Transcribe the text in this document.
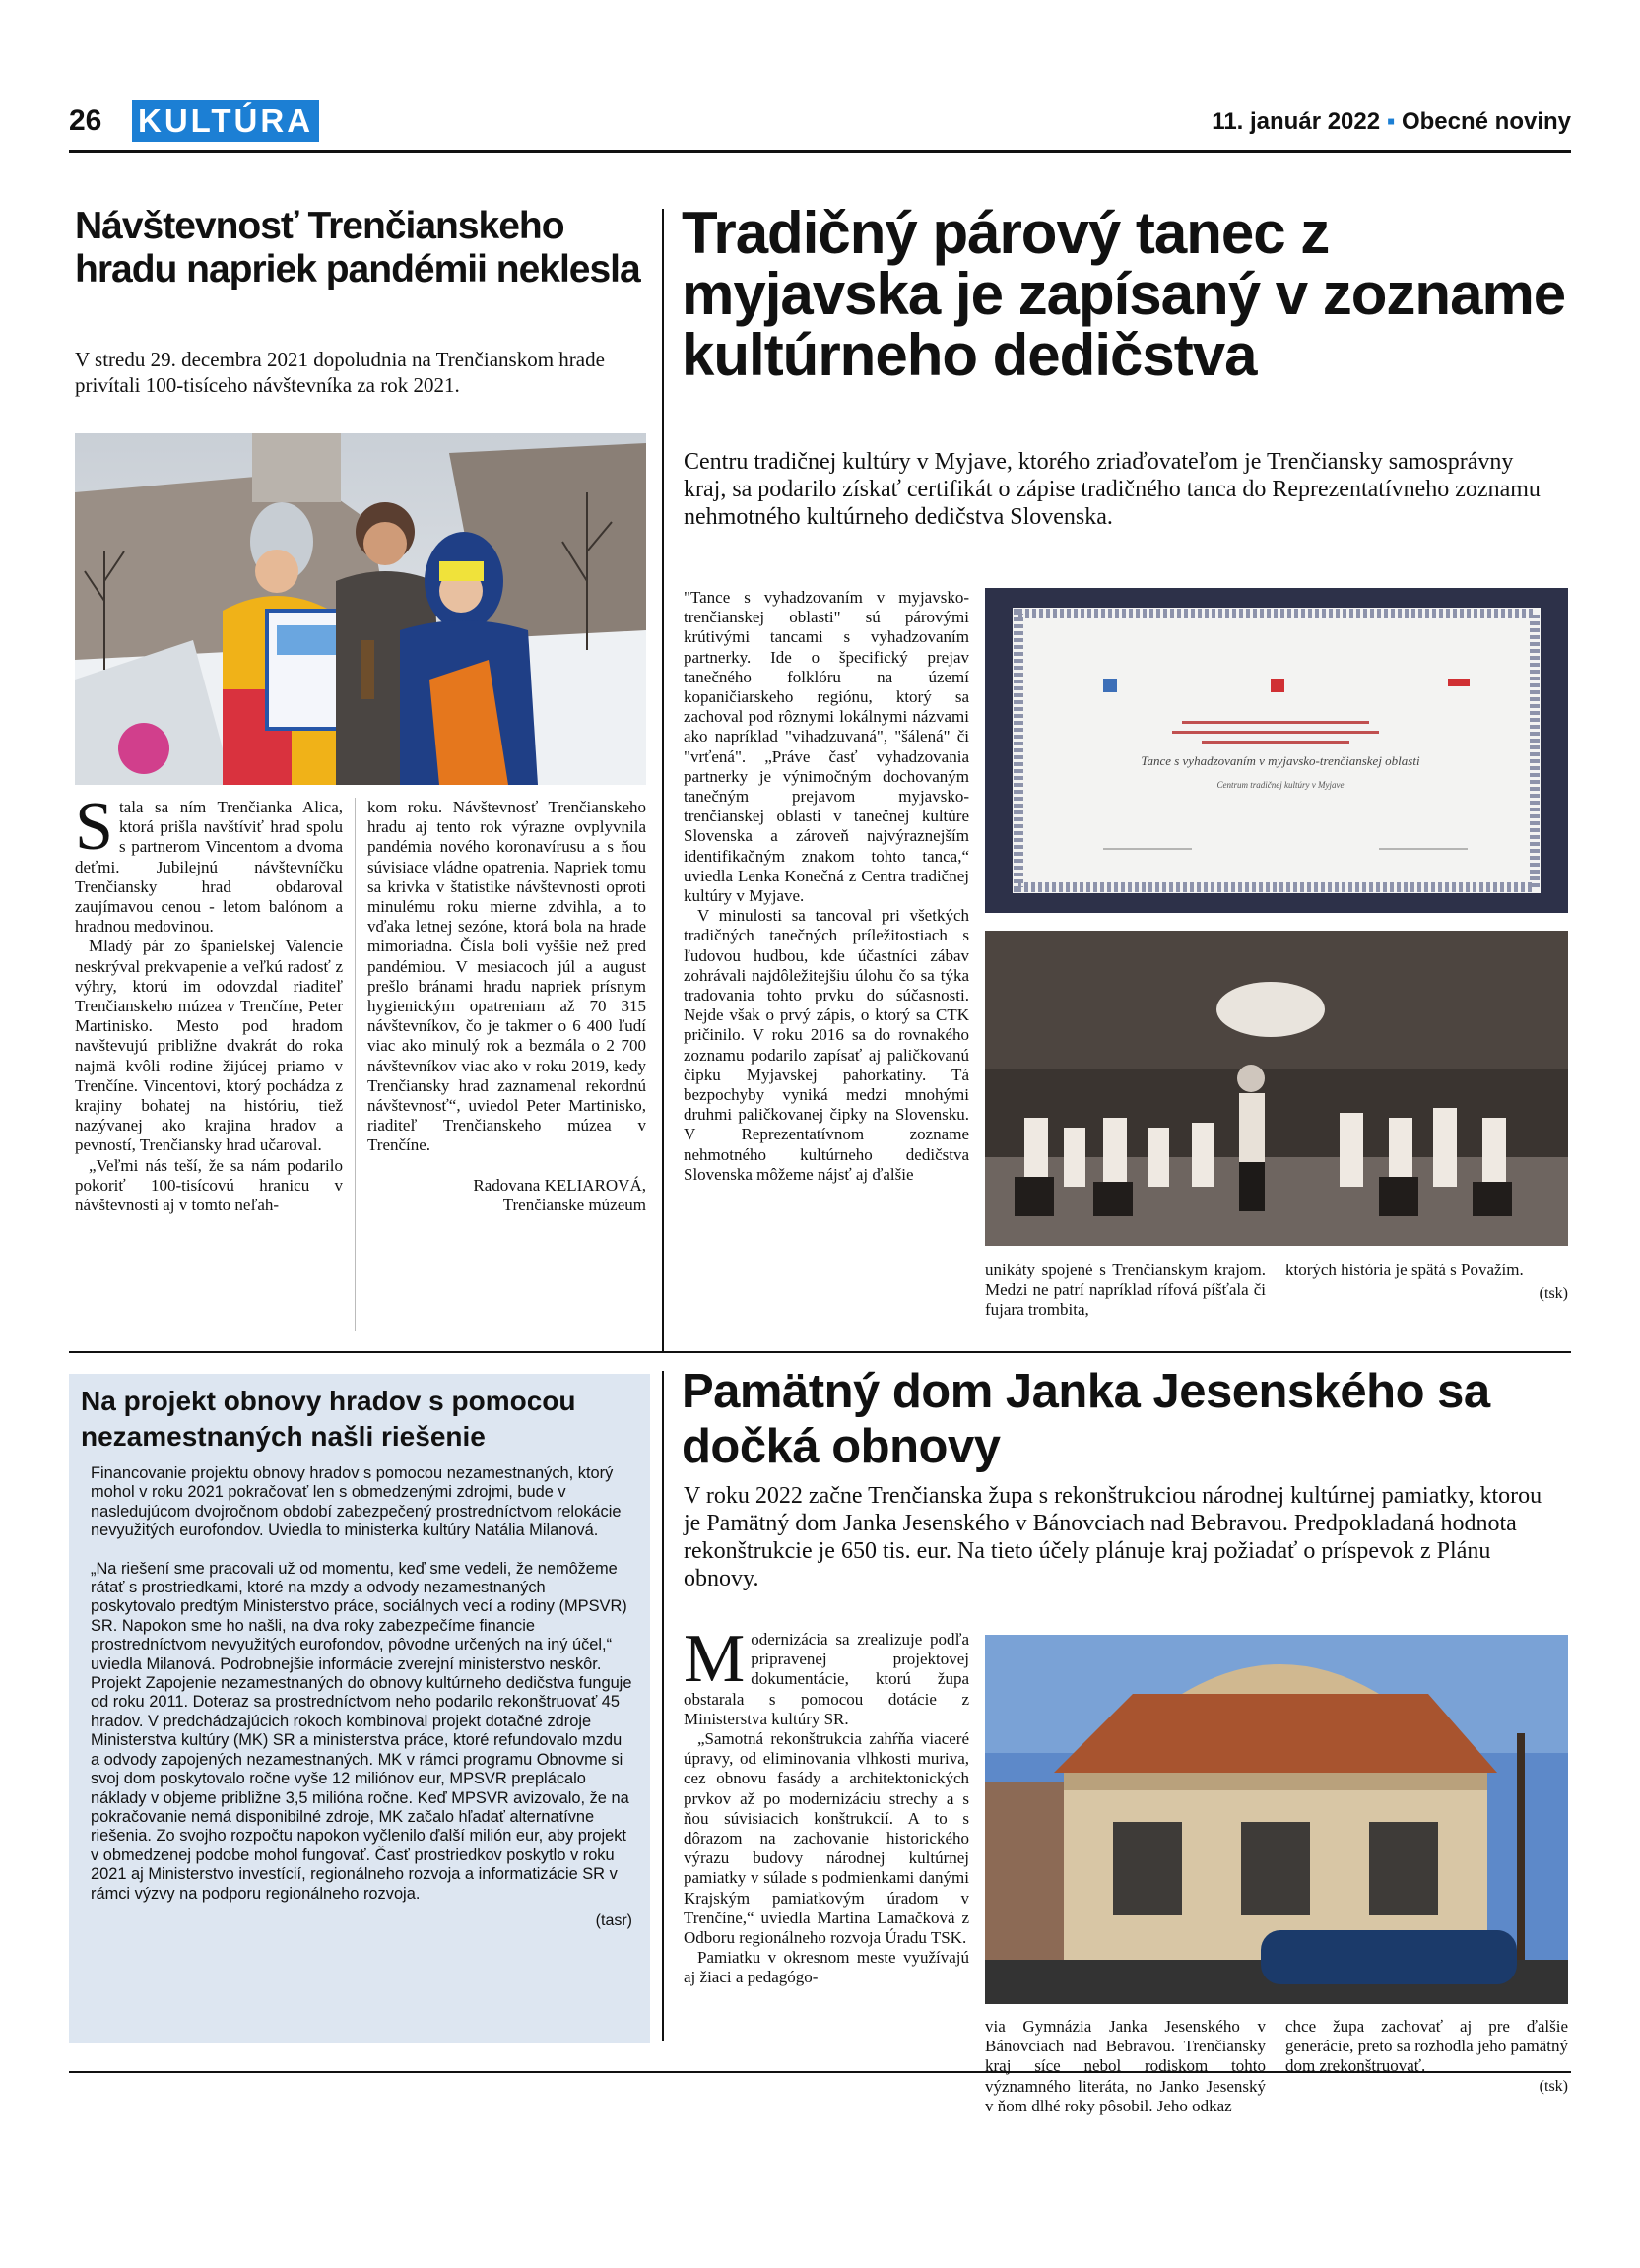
26 KULTÚRA	11. január 2022 ▪ Obecné noviny
Návštevnosť Trenčianskeho hradu napriek pandémii neklesla
V stredu 29. decembra 2021 dopoludnia na Trenčianskom hrade privítali 100-tisíceho návštevníka za rok 2021.

Stala sa ním Trenčianka Alica, ktorá prišla navštíviť hrad spolu s partnerom Vincentom a dvoma deťmi. Jubilejnú návštevníčku Trenčiansky hrad obdaroval zaujímavou cenou - letom balónom a hradnou medovinou.

Mladý pár zo španielskej Valencie neskrýval prekvapenie a veľkú radosť z výhry, ktorú im odovzdal riaditeľ Trenčianskeho múzea v Trenčíne, Peter Martinisko. Mesto pod hradom navštevujú približne dvakrát do roka najmä kvôli rodine žijúcej priamo v Trenčíne. Vincentovi, ktorý pochádza z krajiny bohatej na históriu, tiež nazývanej ako krajina hradov a pevností, Trenčiansky hrad učaroval.

„Veľmi nás teší, že sa nám podarilo pokoriť 100-tisícovú hranicu v návštevnosti aj v tomto neľah-

kom roku. Návštevnosť Trenčianskeho hradu aj tento rok výrazne ovplyvnila pandémia nového koronavírusu a s ňou súvisiace vládne opatrenia. Napriek tomu sa krivka v štatistike návštevnosti oproti minulému roku mierne zdvihla, a to vďaka letnej sezóne, ktorá bola na hrade mimoriadna. Čísla boli vyššie než pred pandémiou. V mesiacoch júl a august prešlo bránami hradu napriek prísnym hygienickým opatreniam až 70 315 návštevníkov, čo je takmer o 6 400 ľudí viac ako minulý rok a bezmála o 2 700 návštevníkov viac ako v roku 2019, kedy Trenčiansky hrad zaznamenal rekordnú návštevnosť“, uviedol Peter Martinisko, riaditeľ Trenčianskeho múzea v Trenčíne.

Radovana KELIAROVÁ,

Trenčianske múzeum

Tradičný párový tanec z myjavska je zapísaný v zozname kultúrneho dedičstva
Centru tradičnej kultúry v Myjave, ktorého zriaďovateľom je Trenčiansky samosprávny kraj, sa podarilo získať certifikát o zápise tradičného tanca do Reprezentatívneho zoznamu nehmotného kultúrneho dedičstva Slovenska.
Tance s vyhadzovaním v myjavsko-trenčianskej oblasti
Centrum tradičnej kultúry v Myjave

"Tance s vyhadzovaním v myjavsko-trenčianskej oblasti" sú párovými krútivými tancami s vyhadzovaním partnerky. Ide o špecifický prejav tanečného folklóru na území kopaničiarskeho regiónu, ktorý sa zachoval pod rôznymi lokálnymi názvami ako napríklad "vihadzuvaná", "šálená" či "vrťená". „Práve časť vyhadzovania partnerky je výnimočným dochovaným tanečným prejavom myjavsko-trenčianskej oblasti v tanečnej kultúre Slovenska a zároveň najvýraznejším identifikačným znakom tohto tanca,“ uviedla Lenka Konečná z Centra tradičnej kultúry v Myjave.

V minulosti sa tancoval pri všetkých tradičných tanečných príležitostiach s ľudovou hudbou, kde účastníci zábav zohrávali najdôležitejšiu úlohu čo sa týka tradovania tohto prvku do súčasnosti. Nejde však o prvý zápis, o ktorý sa CTK pričinilo. V roku 2016 sa do rovnakého zoznamu podarilo zapísať aj paličkovanú čipku Myjavskej pahorkatiny. Tá bezpochyby vyniká medzi mnohými druhmi paličkovanej čipky na Slovensku. V Reprezentatívnom zozname nehmotného kultúrneho dedičstva Slovenska môžeme nájsť aj ďalšie

unikáty spojené s Trenčianskym krajom. Medzi ne patrí napríklad rífová píšťala či fujara trombita,

ktorých história je spätá s Považím.

(tsk)

Na projekt obnovy hradov s pomocou nezamestnaných našli riešenie

Financovanie projektu obnovy hradov s pomocou nezamestnaných, ktorý mohol v roku 2021 pokračovať len s obmedzenými zdrojmi, bude v nasledujúcom dvojročnom období zabezpečený prostredníctvom relokácie nevyužitých eurofondov. Uviedla to ministerka kultúry Natália Milanová.

„Na riešení sme pracovali už od momentu, keď sme vedeli, že nemôžeme rátať s prostriedkami, ktoré na mzdy a odvody nezamestnaných poskytovalo predtým Ministerstvo práce, sociálnych vecí a rodiny (MPSVR) SR. Napokon sme ho našli, na dva roky zabezpečíme financie prostredníctvom nevyužitých eurofondov, pôvodne určených na iný účel,“ uviedla Milanová. Podrobnejšie informácie zverejní ministerstvo neskôr.

Projekt Zapojenie nezamestnaných do obnovy kultúrneho dedičstva funguje od roku 2011. Doteraz sa prostredníctvom neho podarilo rekonštruovať 45 hradov. V predchádzajúcich rokoch kombinoval projekt dotačné zdroje Ministerstva kultúry (MK) SR a ministerstva práce, ktoré refundovalo mzdu a odvody zapojených nezamestnaných. MK v rámci programu Obnovme si svoj dom poskytovalo ročne vyše 12 miliónov eur, MPSVR preplácalo náklady v objeme približne 3,5 milióna ročne. Keď MPSVR avizovalo, že na pokračovanie nemá disponibilné zdroje, MK začalo hľadať alternatívne riešenia. Zo svojho rozpočtu napokon vyčlenilo ďalší milión eur, aby projekt v obmedzenej podobe mohol fungovať. Časť prostriedkov poskytlo v roku 2021 aj Ministerstvo investícií, regionálneho rozvoja a informatizácie SR v rámci výzvy na podporu regionálneho rozvoja.

(tasr)

Pamätný dom Janka Jesenského sa dočká obnovy
V roku 2022 začne Trenčianska župa s rekonštrukciou národnej kultúrnej pamiatky, ktorou je Pamätný dom Janka Jesenského v Bánovciach nad Bebravou. Predpokladaná hodnota rekonštrukcie je 650 tis. eur. Na tieto účely plánuje kraj požiadať o príspevok z Plánu obnovy.

Modernizácia sa zrealizuje podľa pripravenej projektovej dokumentácie, ktorú župa obstarala s pomocou dotácie z Ministerstva kultúry SR.

„Samotná rekonštrukcia zahŕňa viaceré úpravy, od eliminovania vlhkosti muriva, cez obnovu fasády a architektonických prvkov až po modernizáciu strechy a s ňou súvisiacich konštrukcií. A to s dôrazom na zachovanie historického výrazu budovy národnej kultúrnej pamiatky v súlade s podmienkami danými Krajským pamiatkovým úradom v Trenčíne,“ uviedla Martina Lamačková z Odboru regionálneho rozvoja Úradu TSK.

Pamiatku v okresnom meste využívajú aj žiaci a pedagógo-

via Gymnázia Janka Jesenského v Bánovciach nad Bebravou. Trenčiansky kraj síce nebol rodiskom tohto významného literáta, no Janko Jesenský v ňom dlhé roky pôsobil. Jeho odkaz

chce župa zachovať aj pre ďalšie generácie, preto sa rozhodla jeho pamätný dom zrekonštruovať.

(tsk)
